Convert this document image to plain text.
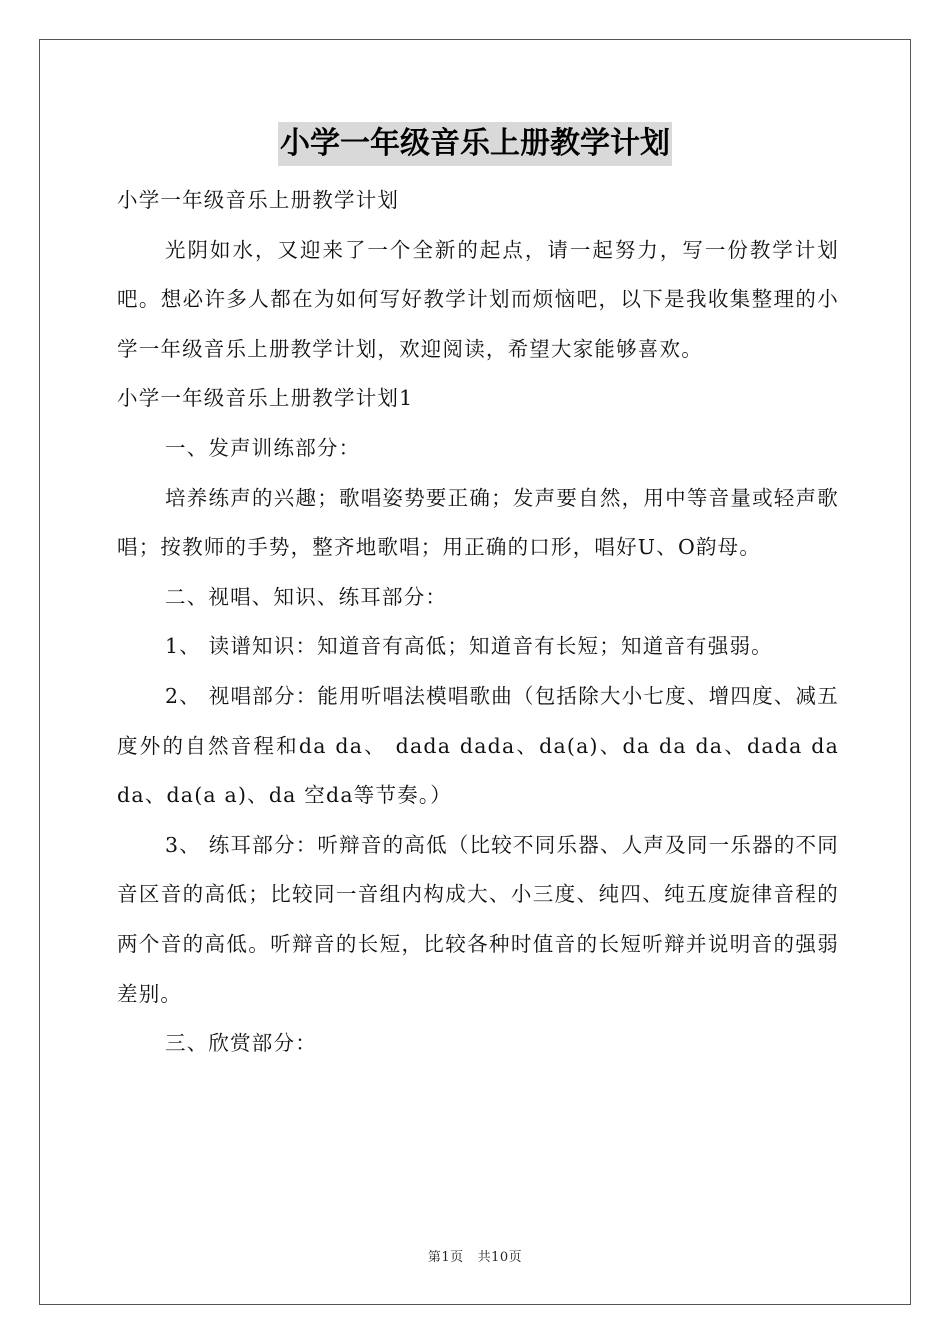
小学一年级音乐上册教学计划

小学一年级音乐上册教学计划

光阴如水，又迎来了一个全新的起点，请一起努力，写一份教学计划吧。想必许多人都在为如何写好教学计划而烦恼吧，以下是我收集整理的小学一年级音乐上册教学计划，欢迎阅读，希望大家能够喜欢。

小学一年级音乐上册教学计划1

一、发声训练部分：

培养练声的兴趣；歌唱姿势要正确；发声要自然，用中等音量或轻声歌唱；按教师的手势，整齐地歌唱；用正确的口形，唱好U、O韵母。

二、视唱、知识、练耳部分：

1、 读谱知识：知道音有高低；知道音有长短；知道音有强弱。

2、 视唱部分：能用听唱法模唱歌曲（包括除大小七度、增四度、减五度外的自然音程和da da、 dada dada、da(a)、da da da、dada da da、da(a a)、da 空da等节奏。）

3、 练耳部分：听辩音的高低（比较不同乐器、人声及同一乐器的不同音区音的高低；比较同一音组内构成大、小三度、纯四、纯五度旋律音程的两个音的高低。听辩音的长短，比较各种时值音的长短听辩并说明音的强弱差别。

三、欣赏部分：

第1页 共10页
